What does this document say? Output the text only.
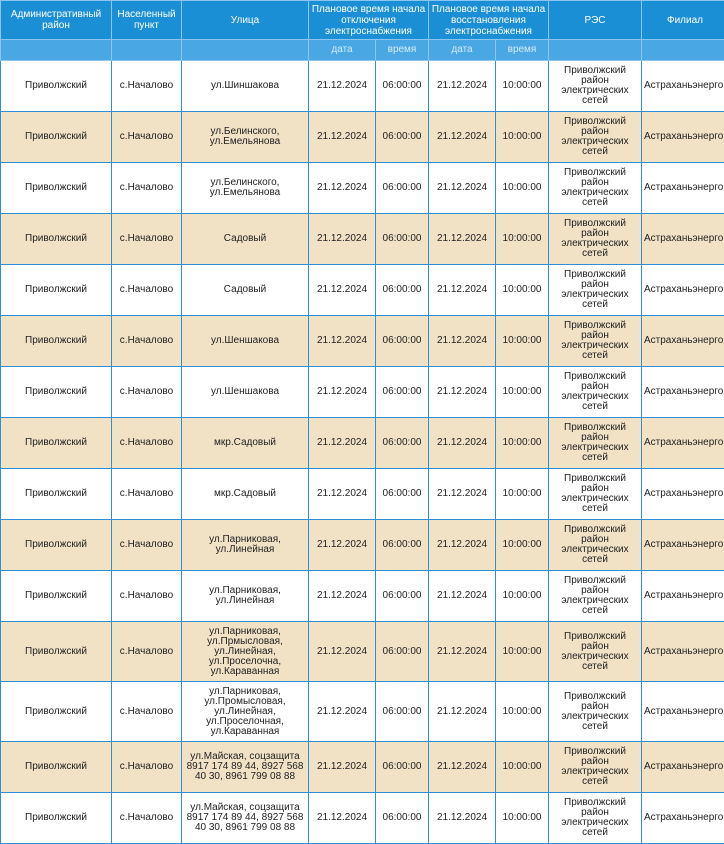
Административный район	Населенный пункт	Улица	Плановое время начала отключения электроснабжения		Плановое время начала восстановления электроснабжения		РЭС	Филиал
			дата	время	дата	время		
Приволжский	с.Началово	ул.Шиншакова	21.12.2024	06:00:00	21.12.2024	10:00:00	Приволжский район электрических сетей	Астраханьэнерго
Приволжский	с.Началово	ул.Белинского, ул.Емельянова	21.12.2024	06:00:00	21.12.2024	10:00:00	Приволжский район электрических сетей	Астраханьэнерго
Приволжский	с.Началово	ул.Белинского, ул.Емельянова	21.12.2024	06:00:00	21.12.2024	10:00:00	Приволжский район электрических сетей	Астраханьэнерго
Приволжский	с.Началово	Садовый	21.12.2024	06:00:00	21.12.2024	10:00:00	Приволжский район электрических сетей	Астраханьэнерго
Приволжский	с.Началово	Садовый	21.12.2024	06:00:00	21.12.2024	10:00:00	Приволжский район электрических сетей	Астраханьэнерго
Приволжский	с.Началово	ул.Шеншакова	21.12.2024	06:00:00	21.12.2024	10:00:00	Приволжский район электрических сетей	Астраханьэнерго
Приволжский	с.Началово	ул.Шеншакова	21.12.2024	06:00:00	21.12.2024	10:00:00	Приволжский район электрических сетей	Астраханьэнерго
Приволжский	с.Началово	мкр.Садовый	21.12.2024	06:00:00	21.12.2024	10:00:00	Приволжский район электрических сетей	Астраханьэнерго
Приволжский	с.Началово	мкр.Садовый	21.12.2024	06:00:00	21.12.2024	10:00:00	Приволжский район электрических сетей	Астраханьэнерго
Приволжский	с.Началово	ул.Парниковая, ул.Линейная	21.12.2024	06:00:00	21.12.2024	10:00:00	Приволжский район электрических сетей	Астраханьэнерго
Приволжский	с.Началово	ул.Парниковая, ул.Линейная	21.12.2024	06:00:00	21.12.2024	10:00:00	Приволжский район электрических сетей	Астраханьэнерго
Приволжский	с.Началово	ул.Парниковая, ул.Прмысловая, ул.Линейная, ул.Проселочна, ул.Караванная	21.12.2024	06:00:00	21.12.2024	10:00:00	Приволжский район электрических сетей	Астраханьэнерго
Приволжский	с.Началово	ул.Парниковая, ул.Промысловая, ул.Линейная, ул.Проселочная, ул.Караванная	21.12.2024	06:00:00	21.12.2024	10:00:00	Приволжский район электрических сетей	Астраханьэнерго
Приволжский	с.Началово	ул.Майская, соцзащита 8917 174 89 44, 8927 568 40 30, 8961 799 08 88	21.12.2024	06:00:00	21.12.2024	10:00:00	Приволжский район электрических сетей	Астраханьэнерго
Приволжский	с.Началово	ул.Майская, соцзащита 8917 174 89 44, 8927 568 40 30, 8961 799 08 88	21.12.2024	06:00:00	21.12.2024	10:00:00	Приволжский район электрических сетей	Астраханьэнерго
